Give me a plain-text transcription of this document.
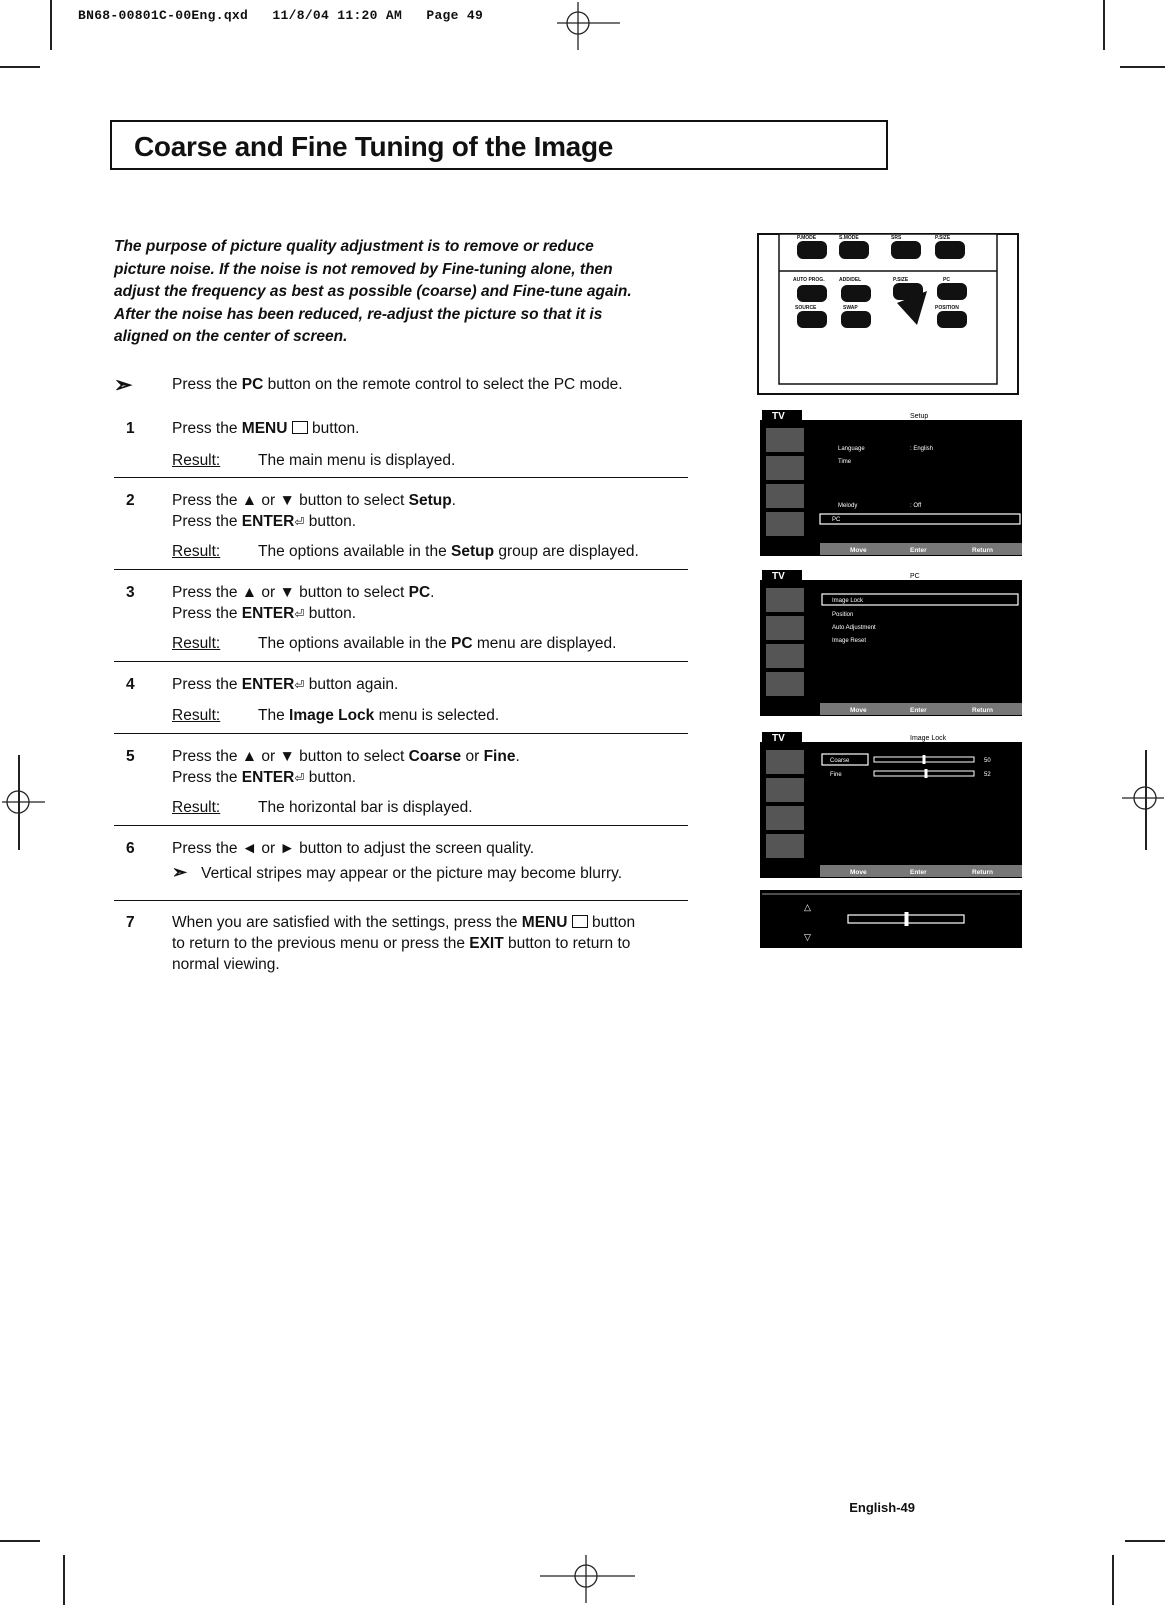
BN68-00801C-00Eng.qxd   11/8/04 11:20 AM   Page 49
Coarse and Fine Tuning of the Image
The purpose of picture quality adjustment is to remove or reduce
picture noise. If the noise is not removed by Fine-tuning alone, then
adjust the frequency as best as possible (coarse) and Fine-tune again.
After the noise has been reduced, re-adjust the picture so that it is
aligned on the center of screen.
➣	Press the PC button on the remote control to select the PC mode.
1 Press the MENU  button.
Result: The main menu is displayed.
2 Press the ▲ or ▼ button to select Setup.
Press the ENTER⏎ button.
Result: The options available in the Setup group are displayed.
3 Press the ▲ or ▼ button to select PC.
Press the ENTER⏎ button.
Result: The options available in the PC menu are displayed.
4 Press the ENTER⏎ button again.
Result: The Image Lock menu is selected.
5 Press the ▲ or ▼ button to select Coarse or Fine.
Press the ENTER⏎ button.
Result: The horizontal bar is displayed.
6 Press the ◄ or ► button to adjust the screen quality.
➣ Vertical stripes may appear or the picture may become blurry.
7 When you are satisfied with the settings, press the MENU  button
to return to the previous menu or press the EXIT button to return to
normal viewing.
P.MODE	S.MODE	SRS	P.SIZE
AUTO PROG.	ADD/DEL	P.SIZE	PC
SOURCE	SWAP	POSITION
TV	Setup
Language	: English
Time
Melody	: Off
PC
Move	Enter	Return
TV	PC
Image Lock
Position
Auto Adjustment
Image Reset
Move	Enter	Return
TV	Image Lock
Coarse
Fine
50
52
Move	Enter	Return
△
▽
English-49
